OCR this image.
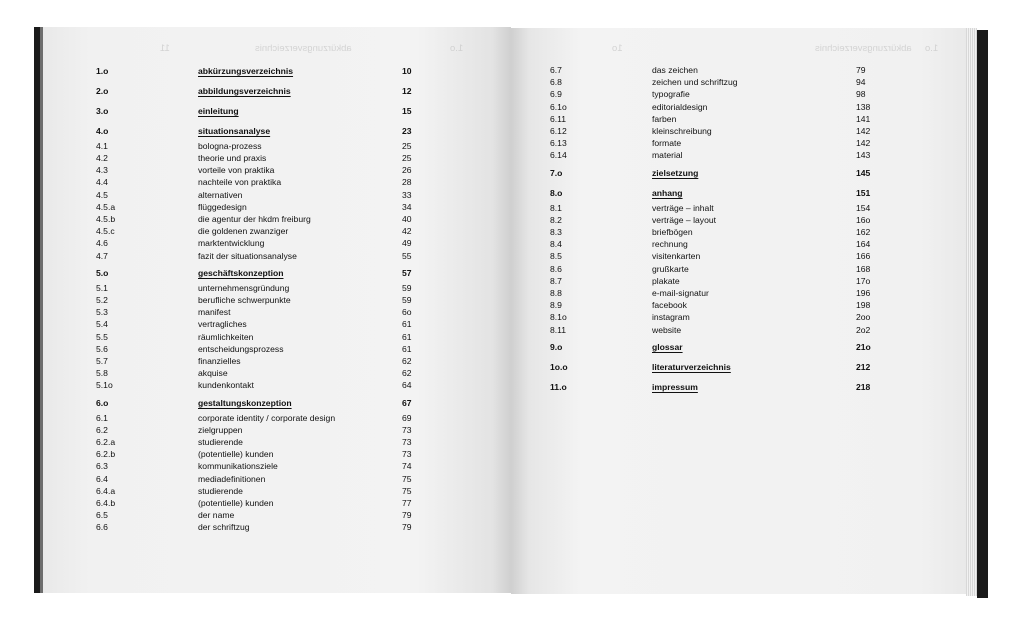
abkürzungsverzeichnis	1.o
11	abkürzungsverzeichnis
1o	1.o
1.o	abkürzungsverzeichnis	10
2.o	abbildungsverzeichnis	12
3.o	einleitung	15
4.o	situationsanalyse	23
4.1	bologna-prozess	25
4.2	theorie und praxis	25
4.3	vorteile von praktika	26
4.4	nachteile von praktika	28
4.5	alternativen	33
4.5.a	flüggedesign	34
4.5.b	die agentur der hkdm freiburg	40
4.5.c	die goldenen zwanziger	42
4.6	marktentwicklung	49
4.7	fazit der situationsanalyse	55
5.o	geschäftskonzeption	57
5.1	unternehmensgründung	59
5.2	berufliche schwerpunkte	59
5.3	manifest	6o
5.4	vertragliches	61
5.5	räumlichkeiten	61
5.6	entscheidungsprozess	61
5.7	finanzielles	62
5.8	akquise	62
5.1o	kundenkontakt	64
6.o	gestaltungskonzeption	67
6.1	corporate identity / corporate design	69
6.2	zielgruppen	73
6.2.a	studierende	73
6.2.b	(potentielle) kunden	73
6.3	kommunikationsziele	74
6.4	mediadefinitionen	75
6.4.a	studierende	75
6.4.b	(potentielle) kunden	77
6.5	der name	79
6.6	der schriftzug	79
6.7	das zeichen	79
6.8	zeichen und schriftzug	94
6.9	typografie	98
6.1o	editorialdesign	138
6.11	farben	141
6.12	kleinschreibung	142
6.13	formate	142
6.14	material	143
7.o	zielsetzung	145
8.o	anhang	151
8.1	verträge – inhalt	154
8.2	verträge – layout	16o
8.3	briefbögen	162
8.4	rechnung	164
8.5	visitenkarten	166
8.6	grußkarte	168
8.7	plakate	17o
8.8	e-mail-signatur	196
8.9	facebook	198
8.1o	instagram	2oo
8.11	website	2o2
9.o	glossar	21o
1o.o	literaturverzeichnis	212
11.o	impressum	218
